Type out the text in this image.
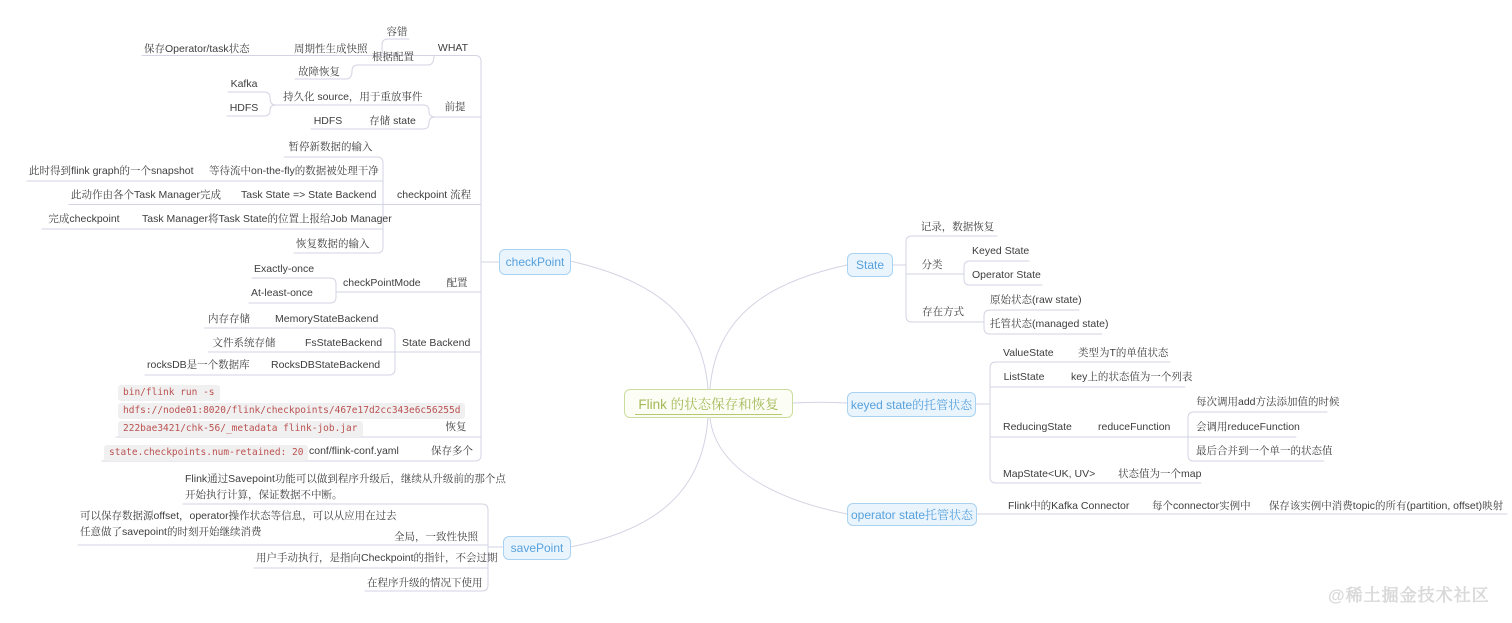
checkPoint
savePoint
Flink 的状态保存和恢复
State
keyed state的托管状态
operator state托管状态
WHAT
周期性生成快照
保存Operator/task状态
容错
根据配置
故障恢复
前提
持久化 source，用于重放事件
存储 state
Kafka
HDFS
HDFS
checkpoint 流程
暂停新数据的输入
等待流中on-the-fly的数据被处理干净
此时得到flink graph的一个snapshot
Task State => State Backend
此动作由各个Task Manager完成
Task Manager将Task State的位置上报给Job Manager
完成checkpoint
恢复数据的输入
配置
checkPointMode
Exactly-once
At-least-once
State Backend
FsStateBackend
文件系统存储
MemoryStateBackend
内存存储
RocksDBStateBackend
rocksDB是一个数据库
恢复
bin/flink run -s
hdfs://node01:8020/flink/checkpoints/467e17d2cc343e6c56255d
222bae3421/chk-56/_metadata flink-job.jar
保存多个
conf/flink-conf.yaml
state.checkpoints.num-retained: 20
Flink通过Savepoint功能可以做到程序升级后，继续从升级前的那个点
开始执行计算，保证数据不中断。
全局，一致性快照
可以保存数据源offset，operator操作状态等信息，可以从应用在过去
任意做了savepoint的时刻开始继续消费
用户手动执行，是指向Checkpoint的指针，不会过期
在程序升级的情况下使用
记录，数据恢复
分类
Keyed State
Operator State
存在方式
原始状态(raw state)
托管状态(managed state)
ValueState 类型为T的单值状态
ListState	key上的状态值为一个列表
ReducingState reduceFunction
每次调用add方法添加值的时候
会调用reduceFunction
最后合并到一个单一的状态值
MapState<UK, UV> 状态值为一个map
Flink中的Kafka Connector 每个connector实例中	保存该实例中消费topic的所有(partition, offset)映射
@稀土掘金技术社区
